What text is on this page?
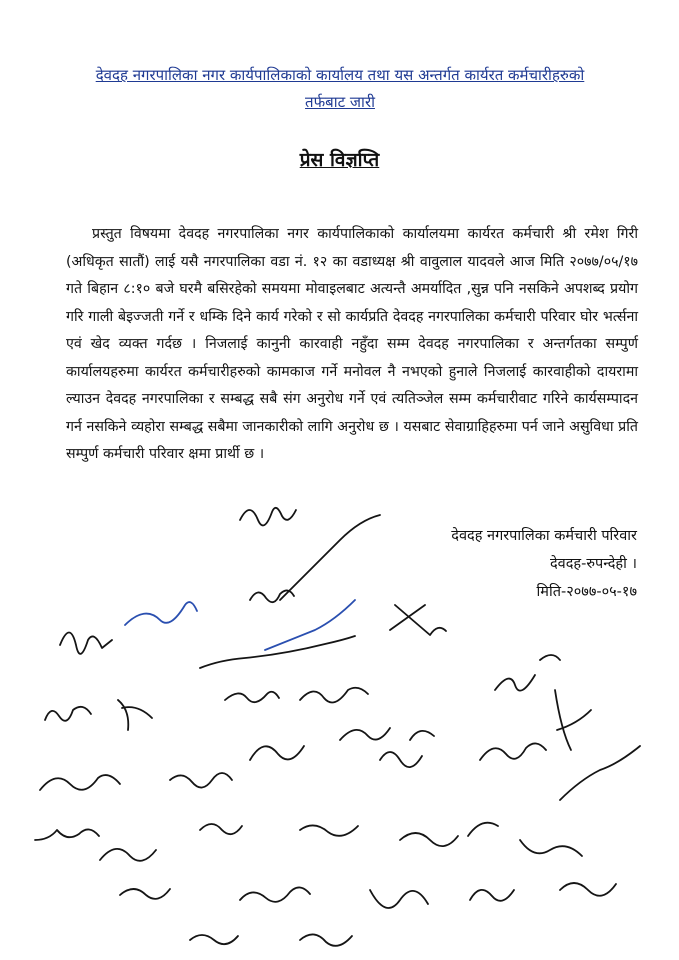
देवदह नगरपालिका नगर कार्यपालिकाको कार्यालय तथा यस अन्तर्गत कार्यरत कर्मचारीहरुको
तर्फबाट जारी
प्रेस विज्ञप्ति

प्रस्तुत विषयमा देवदह नगरपालिका नगर कार्यपालिकाको कार्यालयमा कार्यरत कर्मचारी श्री रमेश गिरी (अधिकृत सातौं) लाई यसै नगरपालिका वडा नं. १२ का वडाध्यक्ष श्री वावुलाल यादवले आज मिति २०७७/०५/१७ गते बिहान ८:१० बजे घरमै बसिरहेको समयमा मोवाइलबाट अत्यन्तै अमर्यादित ,सुन्न पनि नसकिने अपशब्द प्रयोग गरि गाली बेइज्जती गर्ने र धम्कि दिने कार्य गरेको र सो कार्यप्रति देवदह नगरपालिका कर्मचारी परिवार घोर भर्त्सना एवं खेद व्यक्त गर्दछ । निजलाई कानुनी कारवाही नहुँदा सम्म देवदह नगरपालिका र अन्तर्गतका सम्पुर्ण कार्यालयहरुमा कार्यरत कर्मचारीहरुको कामकाज गर्ने मनोवल नै नभएको हुनाले निजलाई कारवाहीको दायरामा ल्याउन देवदह नगरपालिका र सम्बद्ध सबै संग अनुरोध गर्ने एवं त्यतिञ्जेल सम्म कर्मचारीवाट गरिने कार्यसम्पादन गर्न नसकिने व्यहोरा सम्बद्ध सबैमा जानकारीको लागि अनुरोध छ । यसबाट सेवाग्राहिहरुमा पर्न जाने असुविधा प्रति सम्पुर्ण कर्मचारी परिवार क्षमा प्रार्थी छ ।

देवदह नगरपालिका कर्मचारी परिवार
देवदह-रुपन्देही ।
मिति-२०७७-०५-१७
